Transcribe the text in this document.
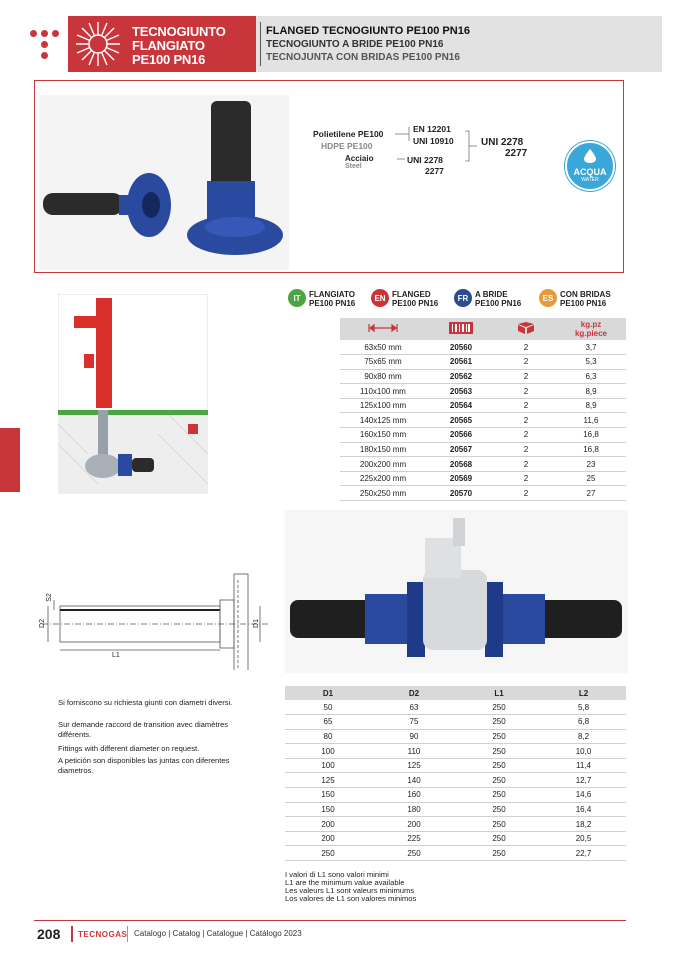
TECNOGIUNTO
FLANGIATO
PE100 PN16
FLANGED TECNOGIUNTO PE100 PN16
TECNOGIUNTO A BRIDE PE100 PN16
TECNOJUNTA CON BRIDAS PE100 PN16
Polietilene PE100
HDPE PE100
Acciaio
Steel
EN 12201
UNI 10910
UNI 2278
2277
UNI 2278
2277
ACQUA
WATER
IT	FLANGIATO
PE100 PN16
EN FLANGED
PE100 PN16
FR A BRIDE
PE100 PN16
ES CON BRIDAS
PE100 PN16
			kg.pz
kg.piece
63x50 mm	20560	2	3,7
75x65 mm	20561	2	5,3
90x80 mm	20562	2	6,3
110x100 mm	20563	2	8,9
125x100 mm	20564	2	8,9
140x125 mm	20565	2	11,6
160x150 mm	20566	2	16,8
180x150 mm	20567	2	16,8
200x200 mm	20568	2	23
225x200 mm	20569	2	25
250x250 mm	20570	2	27
S2
D2	D1
L1
Si forniscono su richiesta giunti con diametri diversi.
Sur demande raccord de transition avec diamètres différents.
Fittings with different diameter on request.
A petición son disponibles las juntas con diferentes diametros.
D1	D2	L1	L2
50	63	250	5,8
65	75	250	6,8
80	90	250	8,2
100	110	250	10,0
100	125	250	11,4
125	140	250	12,7
150	160	250	14,6
150	180	250	16,4
200	200	250	18,2
200	225	250	20,5
250	250	250	22,7
I valori di L1 sono valori minimi
L1 are the minimum value available
Les valeurs L1 sont valeurs minimums
Los valores de L1 son valores minimos
208 TECNOGAS Catalogo | Catalog | Catalogue | Catálogo 2023
